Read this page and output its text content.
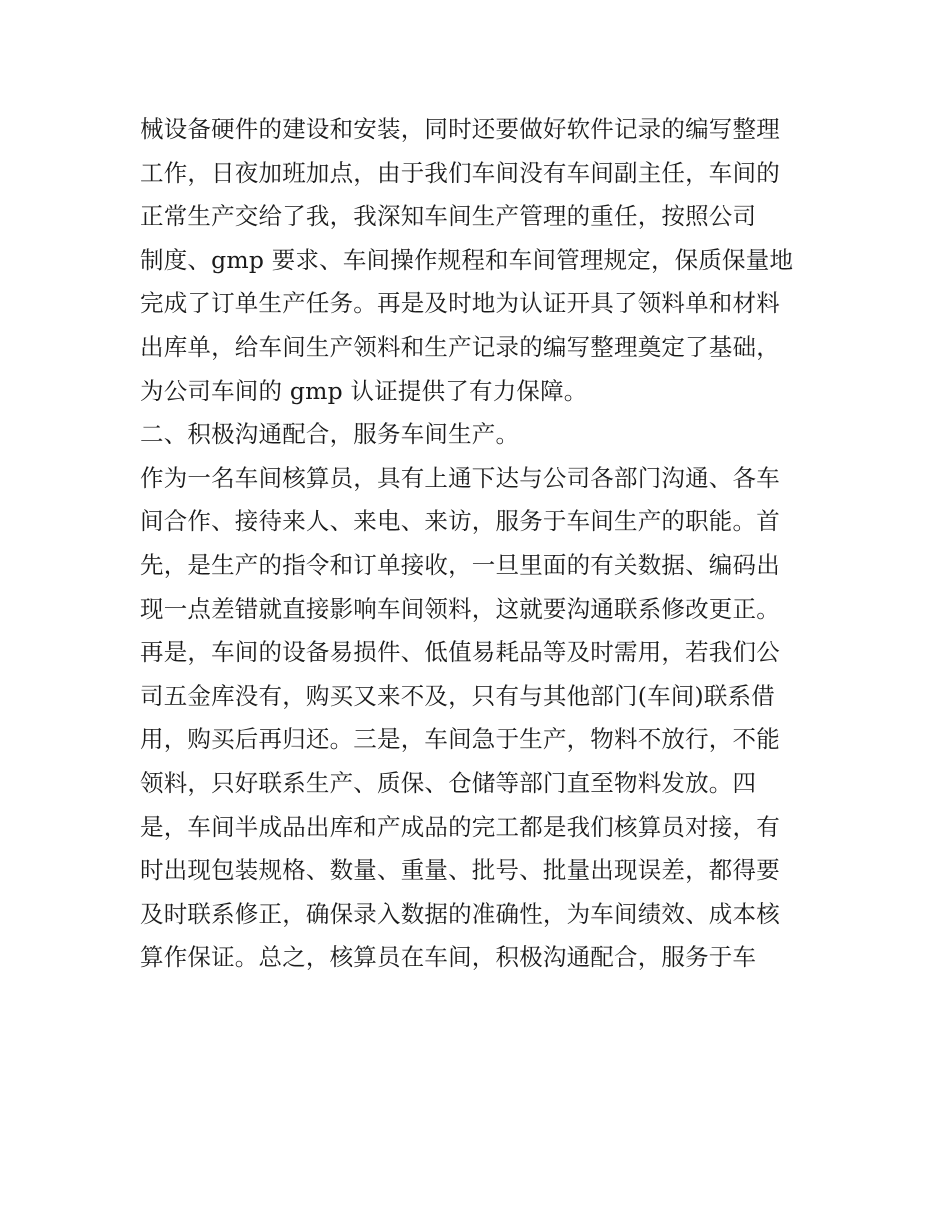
械设备硬件的建设和安装，同时还要做好软件记录的编写整理
工作，日夜加班加点，由于我们车间没有车间副主任，车间的
正常生产交给了我，我深知车间生产管理的重任，按照公司
制度、gmp 要求、车间操作规程和车间管理规定，保质保量地
完成了订单生产任务。再是及时地为认证开具了领料单和材料
出库单，给车间生产领料和生产记录的编写整理奠定了基础，
为公司车间的 gmp 认证提供了有力保障。
二、积极沟通配合，服务车间生产。
作为一名车间核算员，具有上通下达与公司各部门沟通、各车
间合作、接待来人、来电、来访，服务于车间生产的职能。首
先，是生产的指令和订单接收，一旦里面的有关数据、编码出
现一点差错就直接影响车间领料，这就要沟通联系修改更正。
再是，车间的设备易损件、低值易耗品等及时需用，若我们公
司五金库没有，购买又来不及，只有与其他部门(车间)联系借
用，购买后再归还。三是，车间急于生产，物料不放行，不能
领料，只好联系生产、质保、仓储等部门直至物料发放。四
是，车间半成品出库和产成品的完工都是我们核算员对接，有
时出现包装规格、数量、重量、批号、批量出现误差，都得要
及时联系修正，确保录入数据的准确性，为车间绩效、成本核
算作保证。总之，核算员在车间，积极沟通配合，服务于车
